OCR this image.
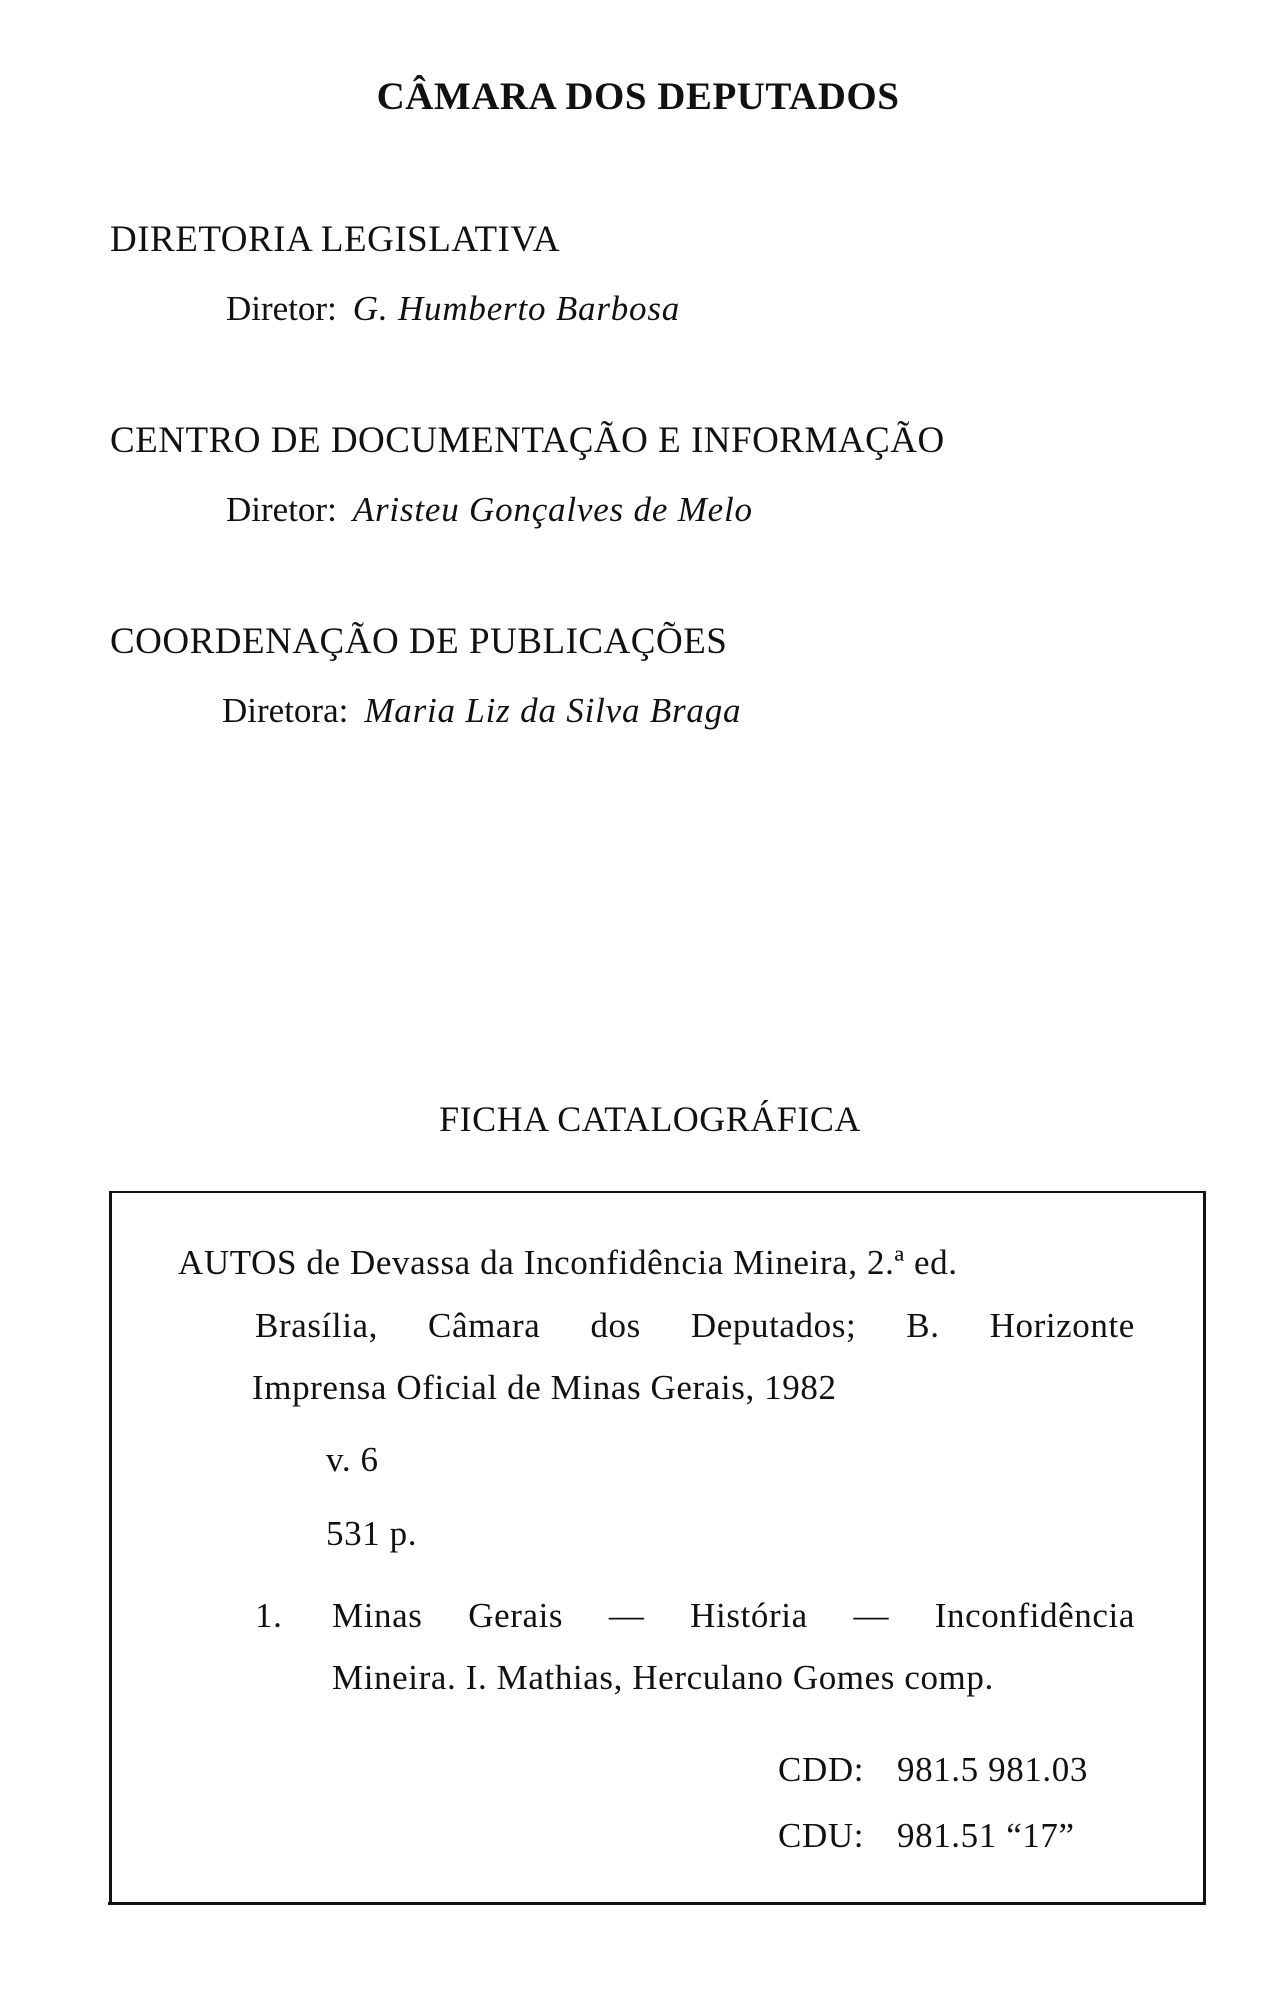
CÂMARA DOS DEPUTADOS
DIRETORIA LEGISLATIVA
Diretor: G. Humberto Barbosa
CENTRO DE DOCUMENTAÇÃO E INFORMAÇÃO
Diretor: Aristeu Gonçalves de Melo
COORDENAÇÃO DE PUBLICAÇÕES
Diretora: Maria Liz da Silva Braga
FICHA CATALOGRÁFICA
AUTOS de Devassa da Inconfidência Mineira, 2.ª ed.
Brasília, Câmara dos Deputados; B. Horizonte
Imprensa Oficial de Minas Gerais, 1982
v. 6
531 p.
1. Minas Gerais — História — Inconfidência
Mineira. I. Mathias, Herculano Gomes comp.
CDD: 981.5 981.03
CDU: 981.51 “17”
